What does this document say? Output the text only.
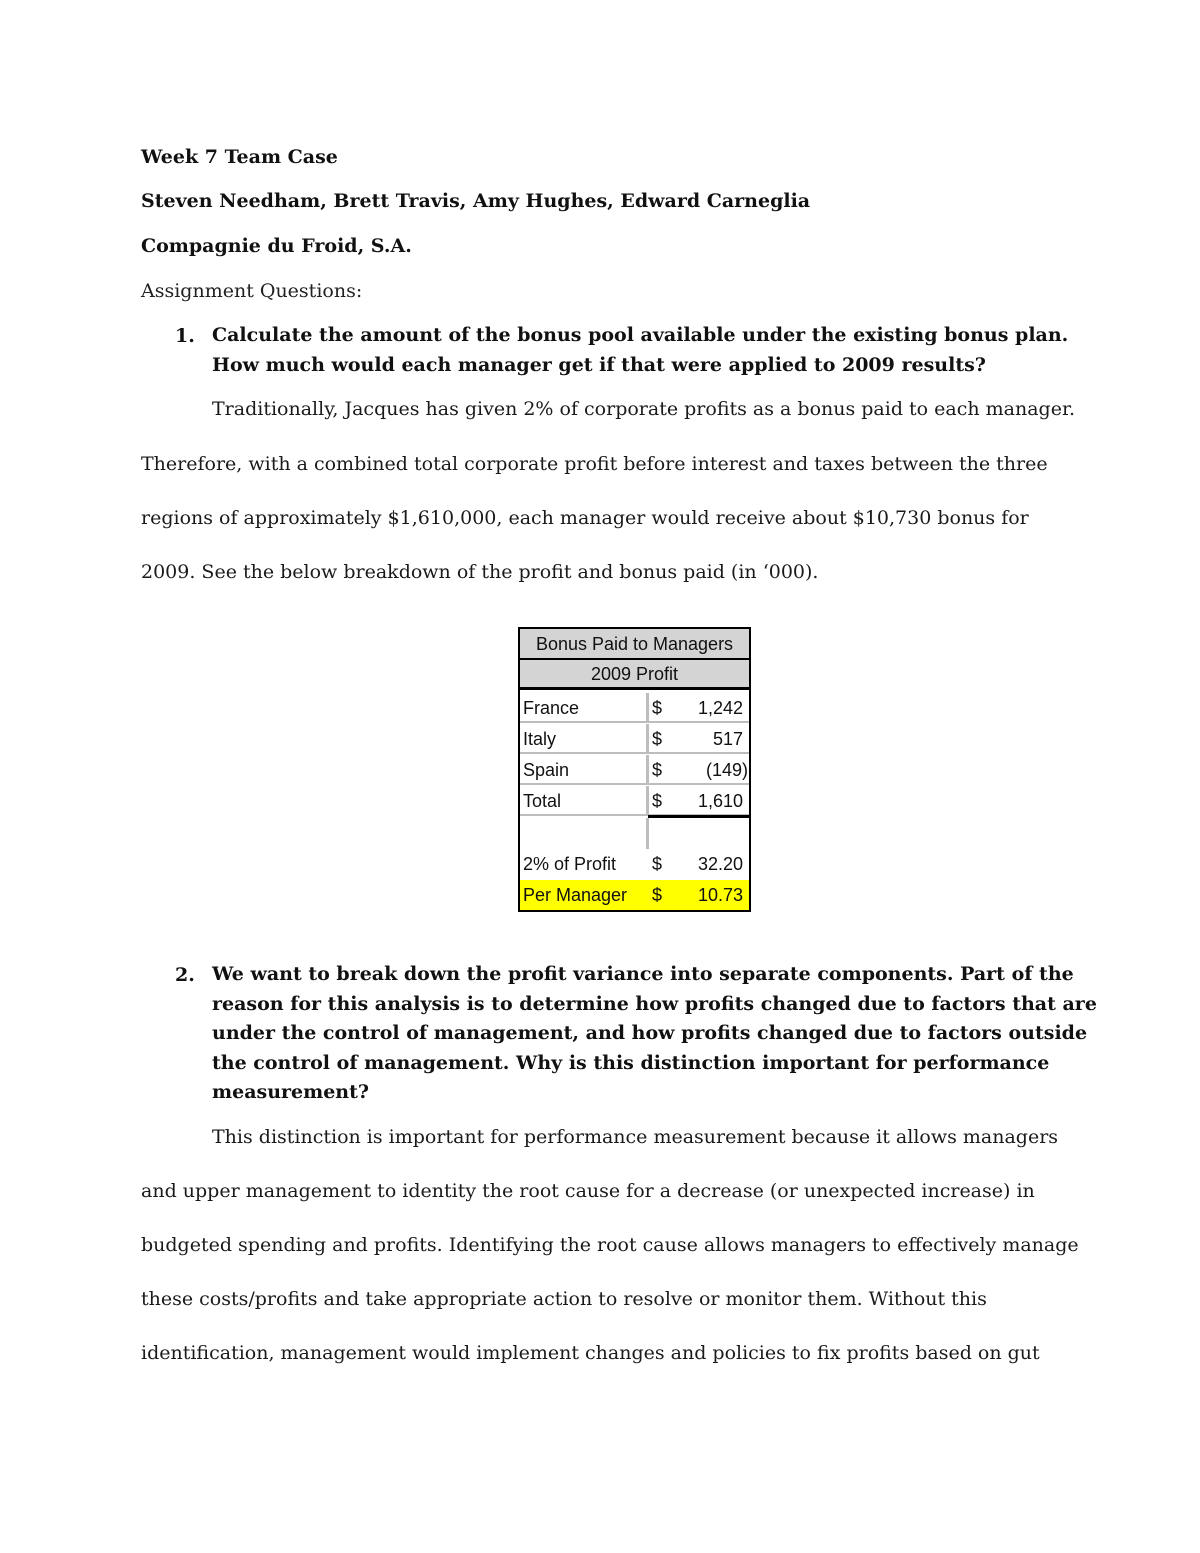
Week 7 Team Case
Steven Needham, Brett Travis, Amy Hughes, Edward Carneglia
Compagnie du Froid, S.A.
Assignment Questions:
1. Calculate the amount of the bonus pool available under the existing bonus plan.
How much would each manager get if that were applied to 2009 results?
Traditionally, Jacques has given 2% of corporate profits as a bonus paid to each manager.
Therefore, with a combined total corporate profit before interest and taxes between the three
regions of approximately $1,610,000, each manager would receive about $10,730 bonus for
2009. See the below breakdown of the profit and bonus paid (in ‘000).
Bonus Paid to Managers
2009 Profit
France	$ 1,242
Italy	$	517
Spain	$ (149)
Total	$ 1,610
2% of Profit $ 32.20
Per Manager $ 10.73
2. We want to break down the profit variance into separate components. Part of the
reason for this analysis is to determine how profits changed due to factors that are
under the control of management, and how profits changed due to factors outside
the control of management. Why is this distinction important for performance
measurement?
This distinction is important for performance measurement because it allows managers
and upper management to identity the root cause for a decrease (or unexpected increase) in
budgeted spending and profits. Identifying the root cause allows managers to effectively manage
these costs/profits and take appropriate action to resolve or monitor them. Without this
identification, management would implement changes and policies to fix profits based on gut
